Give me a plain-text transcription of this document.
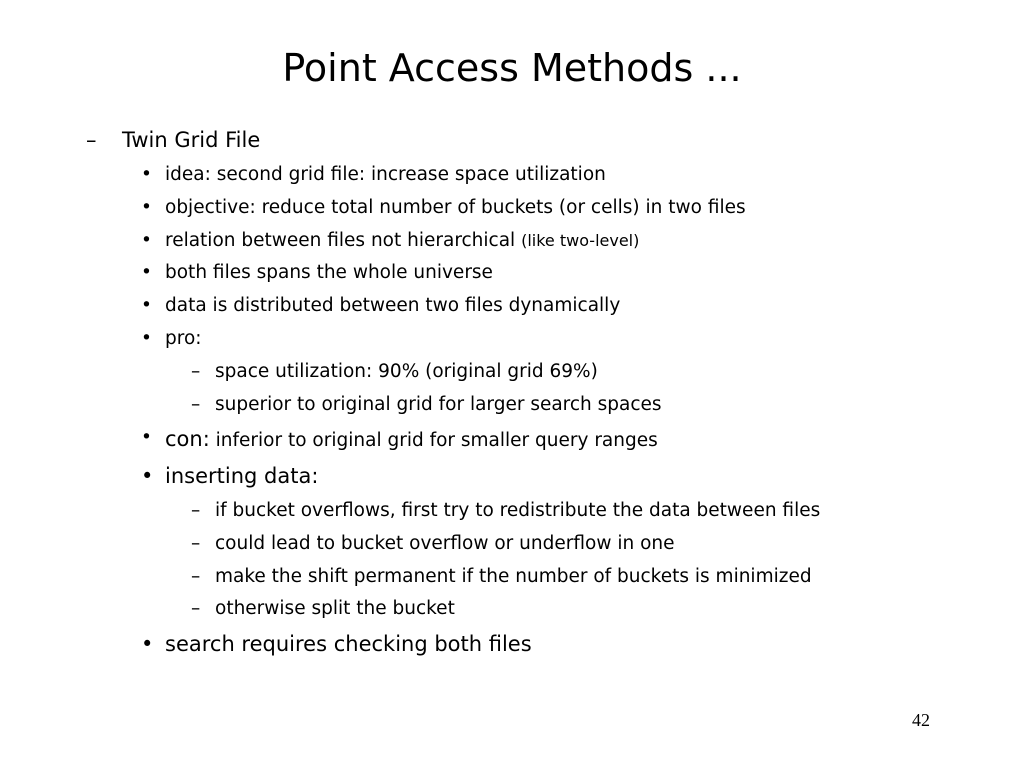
Point Access Methods ...
– Twin Grid File
• idea: second grid file: increase space utilization
• objective: reduce total number of buckets (or cells) in two files
• relation between files not hierarchical (like two-level)
• both files spans the whole universe
• data is distributed between two files dynamically
• pro:
– space utilization: 90% (original grid 69%)
– superior to original grid for larger search spaces
• con: inferior to original grid for smaller query ranges
• inserting data:
– if bucket overflows, first try to redistribute the data between files
– could lead to bucket overflow or underflow in one
– make the shift permanent if the number of buckets is minimized
– otherwise split the bucket
• search requires checking both files
42
